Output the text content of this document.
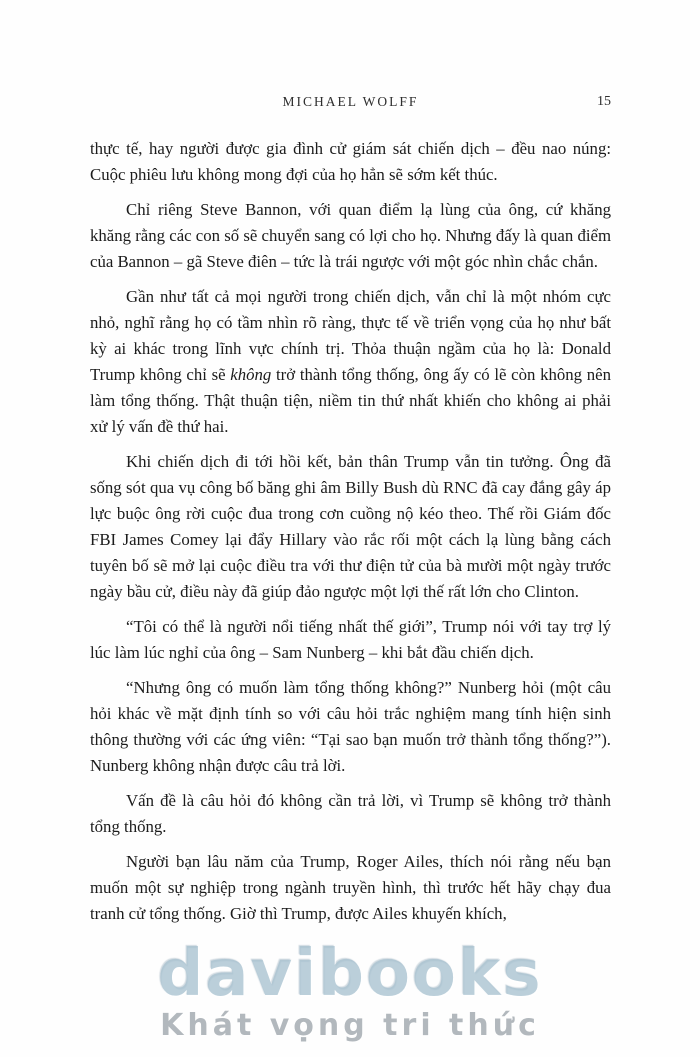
MICHAEL WOLFF	15

thực tế, hay người được gia đình cử giám sát chiến dịch – đều nao núng: Cuộc phiêu lưu không mong đợi của họ hẳn sẽ sớm kết thúc.

Chỉ riêng Steve Bannon, với quan điểm lạ lùng của ông, cứ khăng khăng rằng các con số sẽ chuyển sang có lợi cho họ. Nhưng đấy là quan điểm của Bannon – gã Steve điên – tức là trái ngược với một góc nhìn chắc chắn.

Gần như tất cả mọi người trong chiến dịch, vẫn chỉ là một nhóm cực nhỏ, nghĩ rằng họ có tầm nhìn rõ ràng, thực tế về triển vọng của họ như bất kỳ ai khác trong lĩnh vực chính trị. Thỏa thuận ngầm của họ là: Donald Trump không chỉ sẽ không trở thành tổng thống, ông ấy có lẽ còn không nên làm tổng thống. Thật thuận tiện, niềm tin thứ nhất khiến cho không ai phải xử lý vấn đề thứ hai.

Khi chiến dịch đi tới hồi kết, bản thân Trump vẫn tin tưởng. Ông đã sống sót qua vụ công bố băng ghi âm Billy Bush dù RNC đã cay đắng gây áp lực buộc ông rời cuộc đua trong cơn cuồng nộ kéo theo. Thế rồi Giám đốc FBI James Comey lại đẩy Hillary vào rắc rối một cách lạ lùng bằng cách tuyên bố sẽ mở lại cuộc điều tra với thư điện tử của bà mười một ngày trước ngày bầu cử, điều này đã giúp đảo ngược một lợi thế rất lớn cho Clinton.

“Tôi có thể là người nổi tiếng nhất thế giới”, Trump nói với tay trợ lý lúc làm lúc nghỉ của ông – Sam Nunberg – khi bắt đầu chiến dịch.

“Nhưng ông có muốn làm tổng thống không?” Nunberg hỏi (một câu hỏi khác về mặt định tính so với câu hỏi trắc nghiệm mang tính hiện sinh thông thường với các ứng viên: “Tại sao bạn muốn trở thành tổng thống?”). Nunberg không nhận được câu trả lời.

Vấn đề là câu hỏi đó không cần trả lời, vì Trump sẽ không trở thành tổng thống.

Người bạn lâu năm của Trump, Roger Ailes, thích nói rằng nếu bạn muốn một sự nghiệp trong ngành truyền hình, thì trước hết hãy chạy đua tranh cử tổng thống. Giờ thì Trump, được Ailes khuyến khích,

davibooks
Khát vọng tri thức
